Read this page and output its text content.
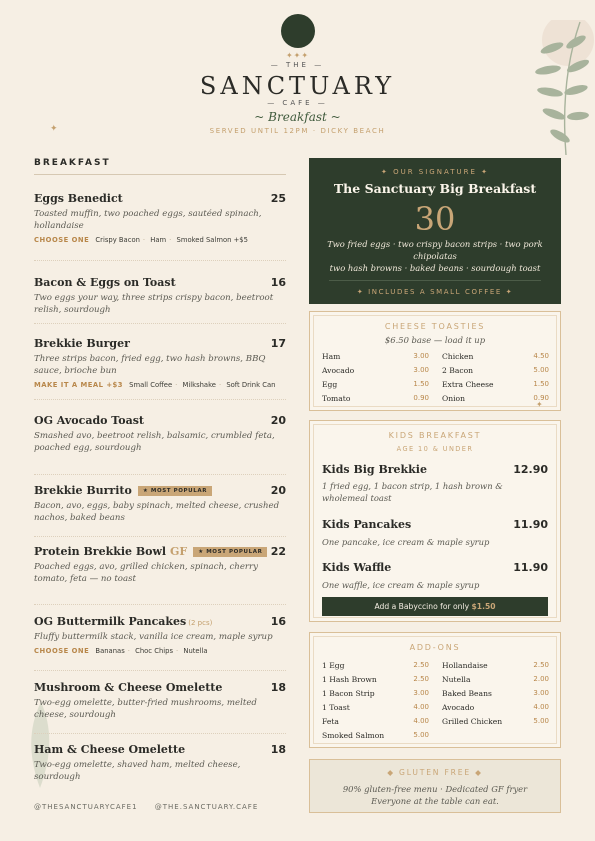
✦✦✦
— THE —
SANCTUARY
— CAFE —
~ Breakfast ~
SERVED UNTIL 12PM · DICKY BEACH
✦
BREAKFAST
Eggs Benedict	25
Toasted muffin, two poached eggs, sautéed spinach, hollandaise
CHOOSE ONE Crispy Bacon · Ham · Smoked Salmon +$5
Bacon & Eggs on Toast	16
Two eggs your way, three strips crispy bacon, beetroot relish, sourdough
Brekkie Burger	17
Three strips bacon, fried egg, two hash browns, BBQ sauce, brioche bun
MAKE IT A MEAL +$3 Small Coffee · Milkshake · Soft Drink Can
OG Avocado Toast	20
Smashed avo, beetroot relish, balsamic, crumbled feta, poached egg, sourdough
Brekkie Burrito ★ MOST POPULAR	20
Bacon, avo, eggs, baby spinach, melted cheese, crushed nachos, baked beans
Protein Brekkie Bowl GF ★ MOST POPULAR 22
Poached eggs, avo, grilled chicken, spinach, cherry tomato, feta — no toast
OG Buttermilk Pancakes (2 pcs)	16
Fluffy buttermilk stack, vanilla ice cream, maple syrup
CHOOSE ONE Bananas · Choc Chips · Nutella
Mushroom & Cheese Omelette	18
Two-egg omelette, butter-fried mushrooms, melted cheese, sourdough
Ham & Cheese Omelette	18
Two-egg omelette, shaved ham, melted cheese, sourdough
@THESANCTUARYCAFE1 @THE.SANCTUARY.CAFE
✦ OUR SIGNATURE ✦
The Sanctuary Big Breakfast
30
Two fried eggs · two crispy bacon strips · two pork chipolatas
two hash browns · baked beans · sourdough toast
✦ INCLUDES A SMALL COFFEE ✦
CHEESE TOASTIES
$6.50 base — load it up
Ham	3.00
Avocado	3.00
Egg	1.50
Tomato	0.90
Chicken	4.50
2 Bacon	5.00
Extra Cheese	1.50
Onion	0.90
KIDS BREAKFAST
AGE 10 & UNDER
Kids Big Brekkie	12.90
1 fried egg, 1 bacon strip, 1 hash brown & wholemeal toast
Kids Pancakes	11.90
One pancake, ice cream & maple syrup
Kids Waffle	11.90
One waffle, ice cream & maple syrup
Add a Babyccino for only $1.50
ADD-ONS
1 Egg	2.50
1 Hash Brown	2.50
1 Bacon Strip	3.00
1 Toast	4.00
Feta	4.00
Smoked Salmon	5.00
Hollandaise	2.50
Nutella	2.00
Baked Beans	3.00
Avocado	4.00
Grilled Chicken	5.00
◆ GLUTEN FREE ◆
90% gluten-free menu · Dedicated GF fryer
Everyone at the table can eat.
✦
